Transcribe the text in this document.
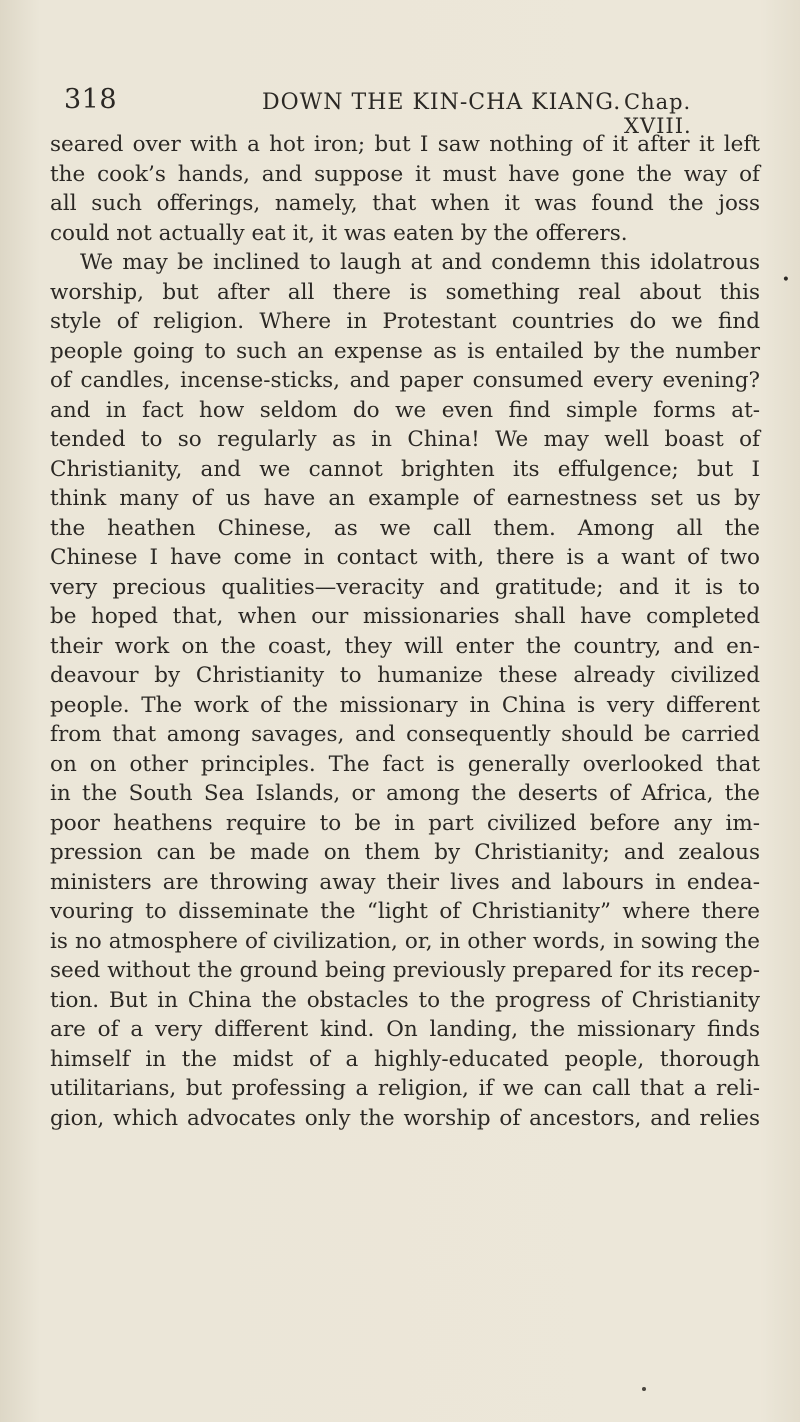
318	DOWN THE KIN-CHA KIANG. Chap. XVIII.
•
seared over with a hot iron; but I saw nothing of it after it left
the cook’s hands, and suppose it must have gone the way of
all such offerings, namely, that when it was found the joss
could not actually eat it, it was eaten by the offerers.
We may be inclined to laugh at and condemn this idolatrous
worship, but after all there is something real about this
style of religion. Where in Protestant countries do we find
people going to such an expense as is entailed by the number
of candles, incense-sticks, and paper consumed every evening?
and in fact how seldom do we even find simple forms at-
tended to so regularly as in China! We may well boast of
Christianity, and we cannot brighten its effulgence; but I
think many of us have an example of earnestness set us by
the heathen Chinese, as we call them. Among all the
Chinese I have come in contact with, there is a want of two
very precious qualities—veracity and gratitude; and it is to
be hoped that, when our missionaries shall have completed
their work on the coast, they will enter the country, and en-
deavour by Christianity to humanize these already civilized
people. The work of the missionary in China is very different
from that among savages, and consequently should be carried
on on other principles. The fact is generally overlooked that
in the South Sea Islands, or among the deserts of Africa, the
poor heathens require to be in part civilized before any im-
pression can be made on them by Christianity; and zealous
ministers are throwing away their lives and labours in endea-
vouring to disseminate the “light of Christianity” where there
is no atmosphere of civilization, or, in other words, in sowing the
seed without the ground being previously prepared for its recep-
tion. But in China the obstacles to the progress of Christianity
are of a very different kind. On landing, the missionary finds
himself in the midst of a highly-educated people, thorough
utilitarians, but professing a religion, if we can call that a reli-
gion, which advocates only the worship of ancestors, and relies
